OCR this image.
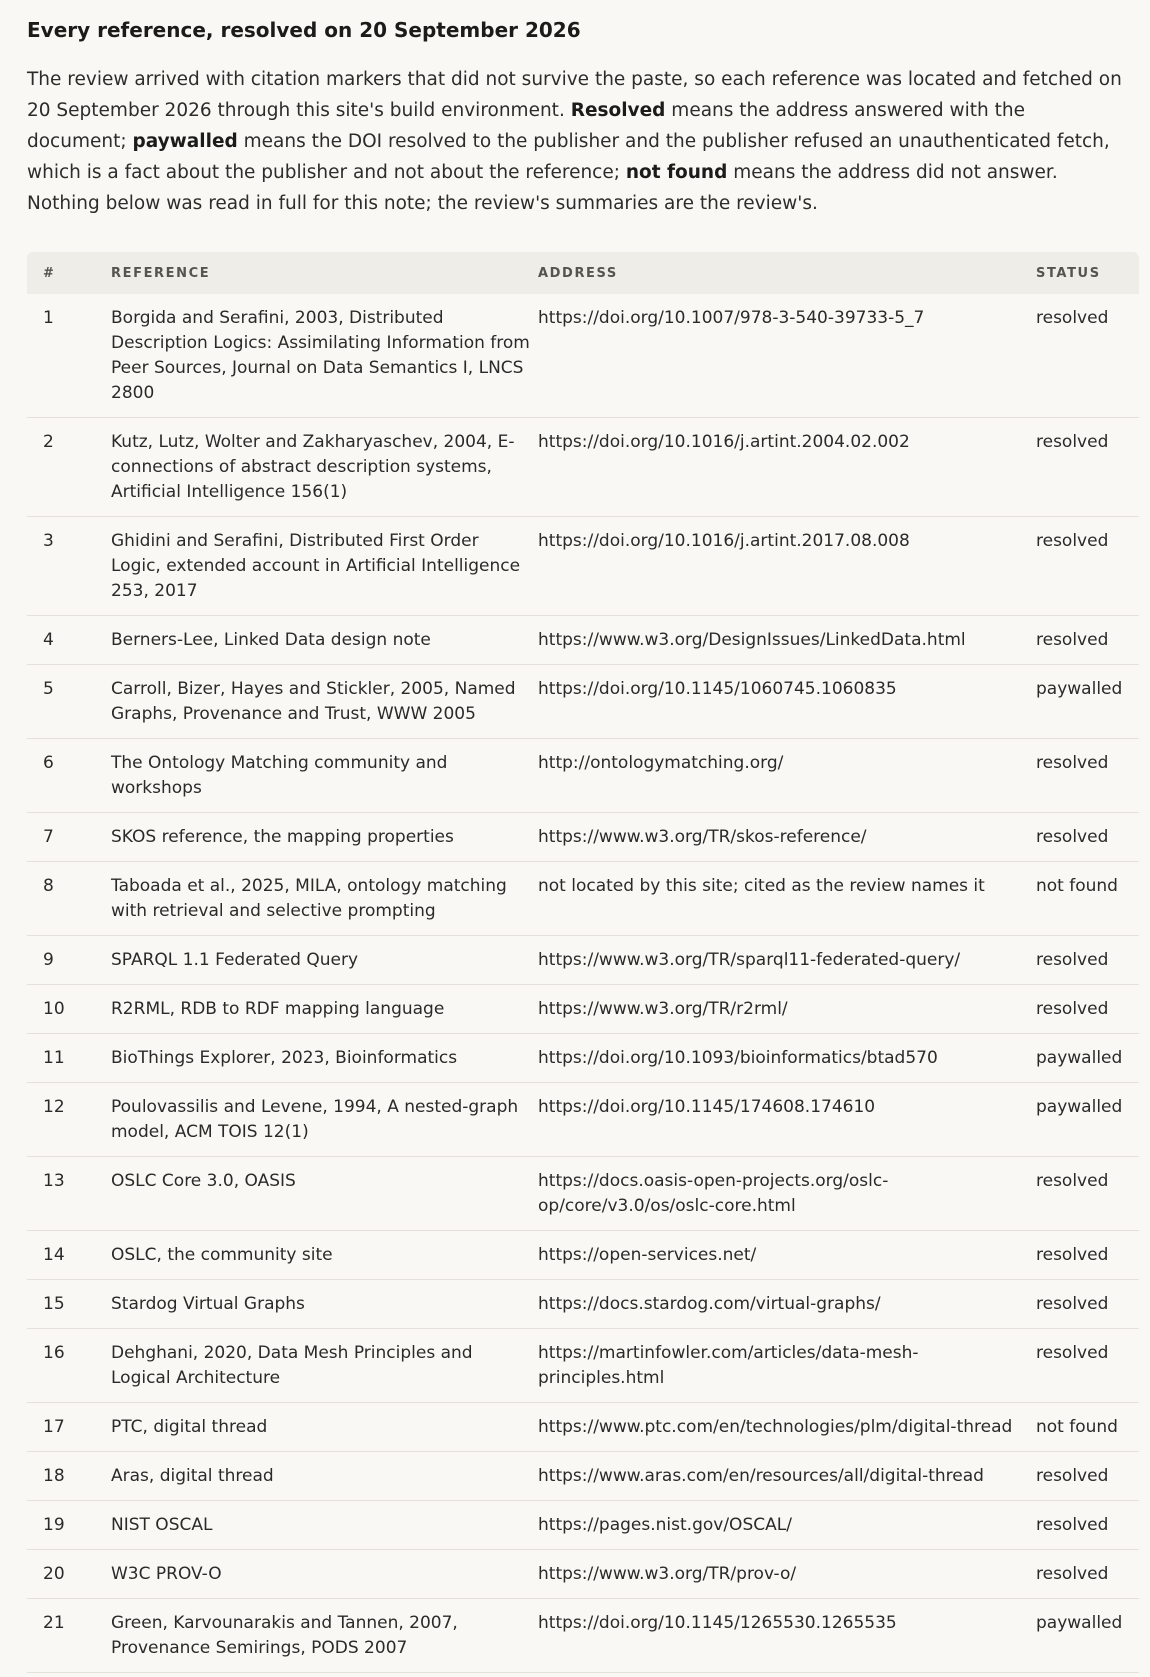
Every reference, resolved on 20 September 2026

The review arrived with citation markers that did not survive the paste, so each reference was located and fetched on 20 September 2026 through this site's build environment. Resolved means the address answered with the document; paywalled means the DOI resolved to the publisher and the publisher refused an unauthenticated fetch, which is a fact about the publisher and not about the reference; not found means the address did not answer. Nothing below was read in full for this note; the review's summaries are the review's.

#	REFERENCE	ADDRESS	STATUS
1	Borgida and Serafini, 2003, Distributed Description Logics: Assimilating Information from Peer Sources, Journal on Data Semantics I, LNCS 2800	https://doi.org/10.1007/978-3-540-39733-5_7	resolved
2	Kutz, Lutz, Wolter and Zakharyaschev, 2004, E-connections of abstract description systems, Artificial Intelligence 156(1)	https://doi.org/10.1016/j.artint.2004.02.002	resolved
3	Ghidini and Serafini, Distributed First Order Logic, extended account in Artificial Intelligence 253, 2017	https://doi.org/10.1016/j.artint.2017.08.008	resolved
4	Berners-Lee, Linked Data design note	https://www.w3.org/DesignIssues/LinkedData.html	resolved
5	Carroll, Bizer, Hayes and Stickler, 2005, Named Graphs, Provenance and Trust, WWW 2005	https://doi.org/10.1145/1060745.1060835	paywalled
6	The Ontology Matching community and workshops	http://ontologymatching.org/	resolved
7	SKOS reference, the mapping properties	https://www.w3.org/TR/skos-reference/	resolved
8	Taboada et al., 2025, MILA, ontology matching with retrieval and selective prompting	not located by this site; cited as the review names it	not found
9	SPARQL 1.1 Federated Query	https://www.w3.org/TR/sparql11-federated-query/	resolved
10	R2RML, RDB to RDF mapping language	https://www.w3.org/TR/r2rml/	resolved
11	BioThings Explorer, 2023, Bioinformatics	https://doi.org/10.1093/bioinformatics/btad570	paywalled
12	Poulovassilis and Levene, 1994, A nested-graph model, ACM TOIS 12(1)	https://doi.org/10.1145/174608.174610	paywalled
13	OSLC Core 3.0, OASIS	https://docs.oasis-open-projects.org/oslc-op/core/v3.0/os/oslc-core.html	resolved
14	OSLC, the community site	https://open-services.net/	resolved
15	Stardog Virtual Graphs	https://docs.stardog.com/virtual-graphs/	resolved
16	Dehghani, 2020, Data Mesh Principles and Logical Architecture	https://martinfowler.com/articles/data-mesh-principles.html	resolved
17	PTC, digital thread	https://www.ptc.com/en/technologies/plm/digital-thread	not found
18	Aras, digital thread	https://www.aras.com/en/resources/all/digital-thread	resolved
19	NIST OSCAL	https://pages.nist.gov/OSCAL/	resolved
20	W3C PROV-O	https://www.w3.org/TR/prov-o/	resolved
21	Green, Karvounarakis and Tannen, 2007, Provenance Semirings, PODS 2007	https://doi.org/10.1145/1265530.1265535	paywalled
